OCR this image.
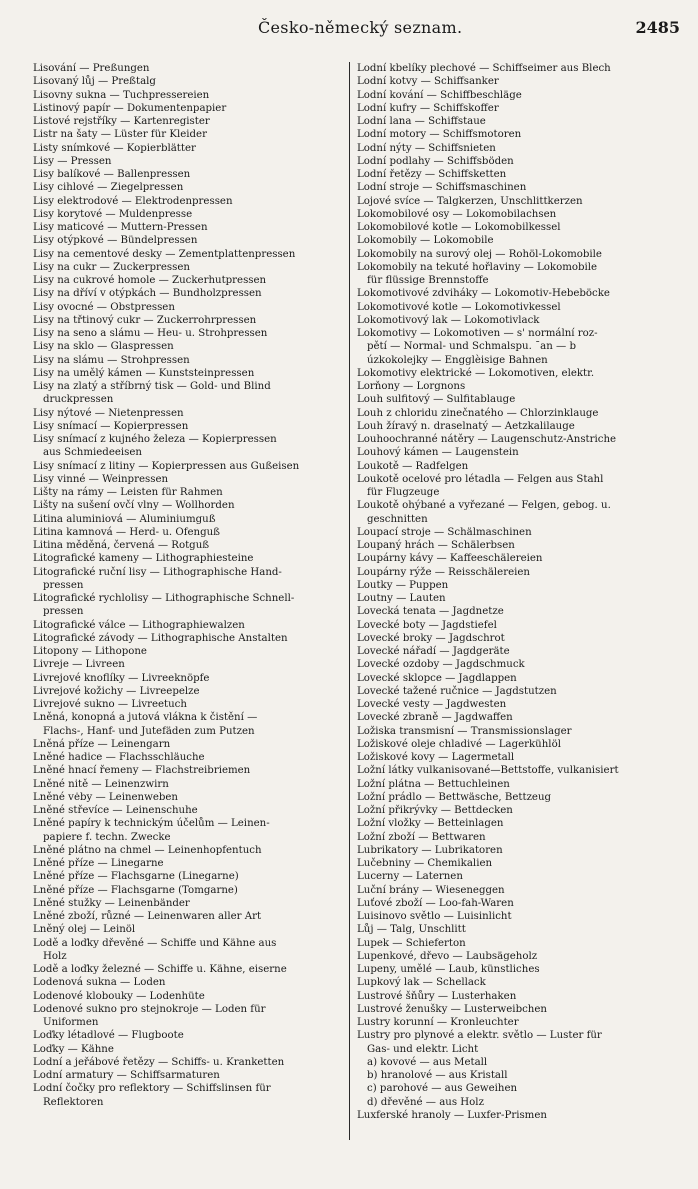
Česko-německý seznam.	2485
Lisování — Preßungen
Lisovaný lůj — Preßtalg
Lisovny sukna — Tuchpressereien
Listinový papír — Dokumentenpapier
Listové rejstříky — Kartenregister
Listr na šaty — Lüster für Kleider
Listy snímkové — Kopierblätter
Lisy — Pressen
Lisy balíkové — Ballenpressen
Lisy cihlové — Ziegelpressen
Lisy elektrodové — Elektrodenpressen
Lisy korytové — Muldenpresse
Lisy maticové — Muttern-Pressen
Lisy otýpkové — Bündelpressen
Lisy na cementové desky — Zementplattenpressen
Lisy na cukr — Zuckerpressen
Lisy na cukrové homole — Zuckerhutpressen
Lisy na dříví v otýpkách — Bundholzpressen
Lisy ovocné — Obstpressen
Lisy na třtinový cukr — Zuckerrohrpressen
Lisy na seno a slámu — Heu- u. Strohpressen
Lisy na sklo — Glaspressen
Lisy na slámu — Strohpressen
Lisy na umělý kámen — Kunststeinpressen
Lisy na zlatý a stříbrný tisk — Gold- und Blind
druckpressen
Lisy nýtové — Nietenpressen
Lisy snímací — Kopierpressen
Lisy snímací z kujného železa — Kopierpressen
aus Schmiedeeisen
Lisy snímací z litiny — Kopierpressen aus Gußeisen
Lisy vinné — Weinpressen
Lišty na rámy — Leisten für Rahmen
Lišty na sušení ovčí vlny — Wollhorden
Litina aluminiová — Aluminiumguß
Litina kamnová — Herd- u. Ofenguß
Litina měděná, červená — Rotguß
Litografické kameny — Lithographiesteine
Litografické ruční lisy — Lithographische Hand-
pressen
Litografické rychlolisy — Lithographische Schnell-
pressen
Litografické válce — Lithographiewalzen
Litografické závody — Lithographische Anstalten
Litopony — Lithopone
Livreje — Livreen
Livrejové knoflíky — Livreeknöpfe
Livrejové kožichy — Livreepelze
Livrejové sukno — Livreetuch
Lněná, konopná a jutová vlákna k čistění —
Flachs-, Hanf- und Jutefäden zum Putzen
Lněná příze — Leinengarn
Lněné hadice — Flachsschläuche
Lněné hnací řemeny — Flachstreibriemen
Lněné nitě — Leinenzwirn
Lněné vėby — Leinenweben
Lněné střevíce — Leinenschuhe
Lněné papíry k technickým účelům — Leinen-
papiere f. techn. Zwecke
Lněné plátno na chmel — Leinenhopfentuch
Lněné příze — Linegarne
Lněné příze — Flachsgarne (Linegarne)
Lněné příze — Flachsgarne (Tomgarne)
Lněné stužky — Leinenbänder
Lněné zboží, různé — Leinenwaren aller Art
Lněný olej — Leinöl
Lodě a loďky dřevěné — Schiffe und Kähne aus
Holz
Lodě a loďky železné — Schiffe u. Kähne, eiserne
Lodenová sukna — Loden
Lodenové klobouky — Lodenhüte
Lodenové sukno pro stejnokroje — Loden für
Uniformen
Loďky létadlové — Flugboote
Loďky — Kähne
Lodní a jeřábové řetězy — Schiffs- u. Kranketten
Lodní armatury — Schiffsarmaturen
Lodní čočky pro reflektory — Schiffslinsen für
Reflektoren
Lodní kbelíky plechové — Schiffseimer aus Blech
Lodní kotvy — Schiffsanker
Lodní kování — Schiffbeschläge
Lodní kufry — Schiffskoffer
Lodní lana — Schiffstaue
Lodní motory — Schiffsmotoren
Lodní nýty — Schiffsnieten
Lodní podlahy — Schiffsböden
Lodní řetězy — Schiffsketten
Lodní stroje — Schiffsmaschinen
Lojové svíce — Talgkerzen, Unschlittkerzen
Lokomobilové osy — Lokomobilachsen
Lokomobilové kotle — Lokomobilkessel
Lokomobily — Lokomobile
Lokomobily na surový olej — Rohöl-Lokomobile
Lokomobily na tekuté hořlaviny — Lokomobile
für flüssige Brennstoffe
Lokomotivové zdviháky — Lokomotiv-Hebeböcke
Lokomotivové kotle — Lokomotivkessel
Lokomotivový lak — Lokomotivlack
Lokomotivy — Lokomotiven — s' normální roz-
pětí — Normal- und Schmalspu. ¯an — b
úzkokolejky — Engglèisige Bahnen
Lokomotivy elektrické — Lokomotiven, elektr.
Lorňony — Lorgnons
Louh sulfitový — Sulfitablauge
Louh z chloridu zinečnatého — Chlorzinklauge
Louh žíravý n. draselnatý — Aetzkalilauge
Louhoochranné nátěry — Laugenschutz-Anstriche
Louhový kámen — Laugenstein
Loukotě — Radfelgen
Loukotě ocelové pro létadla — Felgen aus Stahl
für Flugzeuge
Loukotě ohýbané a vyřezané — Felgen, gebog. u.
geschnitten
Loupací stroje — Schälmaschinen
Loupaný hrách — Schälerbsen
Loupárny kávy — Kaffeeschälereien
Loupárny rýže — Reisschälereien
Loutky — Puppen
Loutny — Lauten
Lovecká tenata — Jagdnetze
Lovecké boty — Jagdstiefel
Lovecké broky — Jagdschrot
Lovecké nářadí — Jagdgeräte
Lovecké ozdoby — Jagdschmuck
Lovecké sklopce — Jagdlappen
Lovecké tažené ručnice — Jagdstutzen
Lovecké vesty — Jagdwesten
Lovecké zbraně — Jagdwaffen
Ložiska transmisní — Transmissionslager
Ložiskové oleje chladivé — Lagerkühlöl
Ložiskové kovy — Lagermetall
Ložní látky vulkanisované—Bettstoffe, vulkanisiert
Ložní plátna — Bettuchleinen
Ložní prádlo — Bettwäsche, Bettzeug
Ložní přikrývky — Bettdecken
Ložní vložky — Betteinlagen
Ložní zboží — Bettwaren
Lubrikatory — Lubrikatoren
Lučebniny — Chemikalien
Lucerny — Laternen
Luční brány — Wieseneggen
Luťové zboží — Loo-fah-Waren
Luisinovo světlo — Luisinlicht
Lůj — Talg, Unschlitt
Lupek — Schieferton
Lupenkové, dřevo — Laubsägeholz
Lupeny, umělé — Laub, künstliches
Lupkový lak — Schellack
Lustrové šňůry — Lusterhaken
Lustrové ženušky — Lusterweibchen
Lustry korunní — Kronleuchter
Lustry pro plynové a elektr. světlo — Luster für
Gas- und elektr. Licht
a) kovové — aus Metall
b) hranolové — aus Kristall
c) parohové — aus Geweihen
d) dřevěné — aus Holz
Luxferské hranoly — Luxfer-Prismen
